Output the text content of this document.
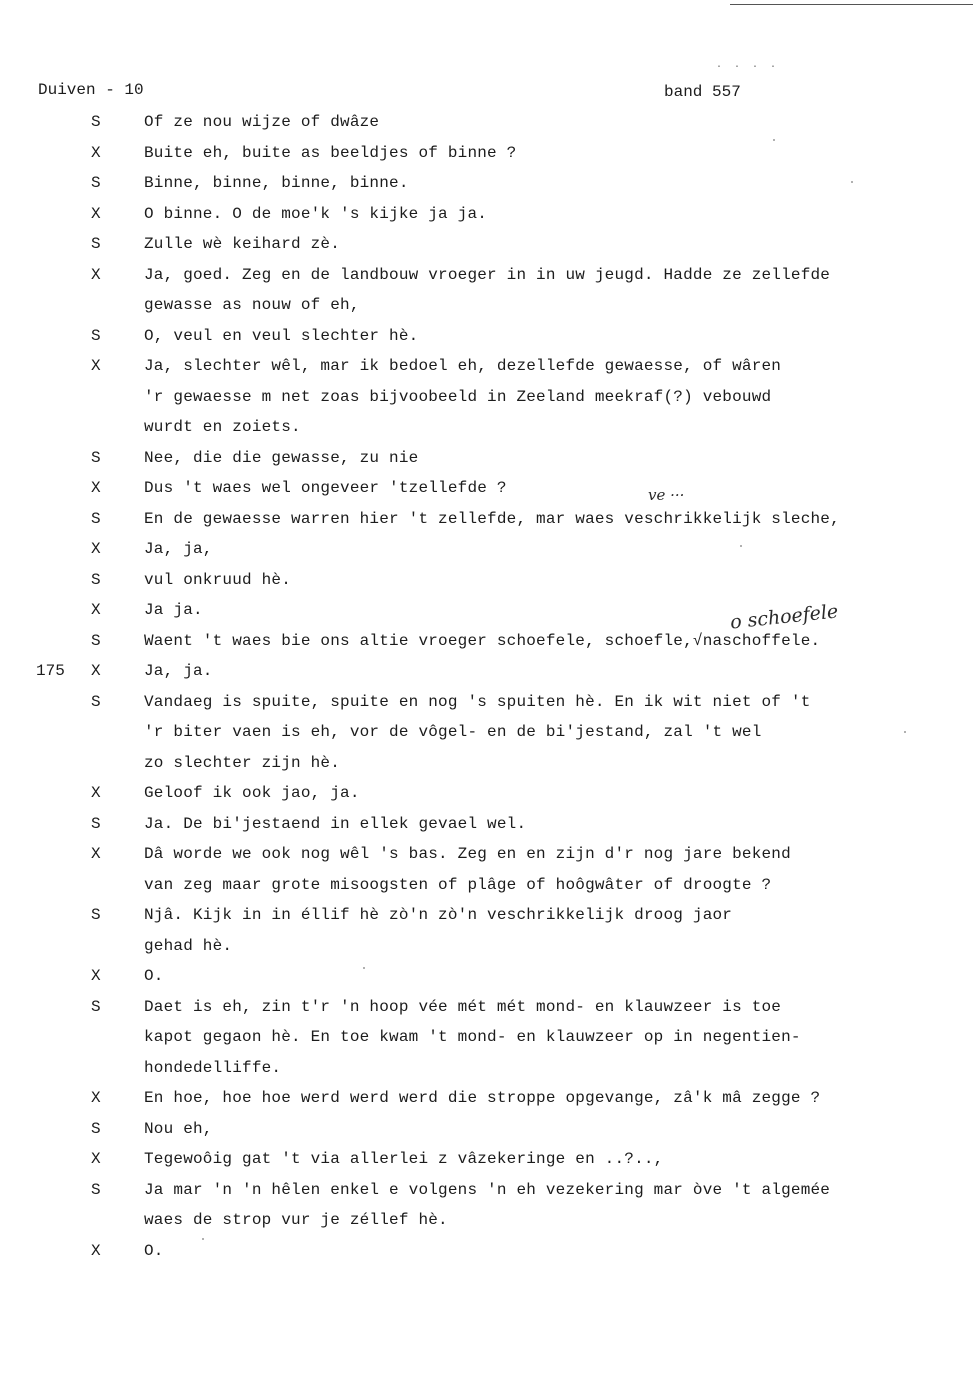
Duiven - 10
. . . .
band 557
ve ···
o schoefele
S	Of ze nou wijze of dwâze
X	Buite eh, buite as beeldjes of binne ?
S	Binne, binne, binne, binne.
X	O binne. O de moe'k 's kijke ja ja.
S	Zulle wè keihard zè.
X	Ja, goed. Zeg en de landbouw vroeger in in uw jeugd. Hadde ze zellefde
gewasse as nouw of eh,
S	O, veul en veul slechter hè.
X	Ja, slechter wêl, mar ik bedoel eh, dezellefde gewaesse, of wâren
'r gewaesse m net zoas bijvoobeeld in Zeeland meekraf(?) vebouwd
wurdt en zoiets.
S	Nee, die die gewasse, zu nie
X	Dus 't waes wel ongeveer 'tzellefde ?
S	En de gewaesse warren hier 't zellefde, mar waes veschrikkelijk sleche,
X	Ja, ja,
S	vul onkruud hè.
X	Ja ja.
S	Waent 't waes bie ons altie vroeger schoefele, schoefle,√naschoffele.
175 X	Ja, ja.
S	Vandaeg is spuite, spuite en nog 's spuiten hè. En ik wit niet of 't
'r biter vaen is eh, vor de vôgel- en de bi'jestand, zal 't wel
zo slechter zijn hè.
X	Geloof ik ook jao, ja.
S	Ja. De bi'jestaend in ellek gevael wel.
X	Dâ worde we ook nog wêl 's bas. Zeg en en zijn d'r nog jare bekend
van zeg maar grote misoogsten of plâge of hoôgwâter of droogte ?
S	Njâ. Kijk in in éllif hè zò'n zò'n veschrikkelijk droog jaor
gehad hè.
X	O.
S	Daet is eh, zin t'r 'n hoop vée mét mét mond- en klauwzeer is toe
kapot gegaon hè. En toe kwam 't mond- en klauwzeer op in negentien-
hondedelliffe.
X	En hoe, hoe hoe werd werd werd die stroppe opgevange, zâ'k mâ zegge ?
S	Nou eh,
X	Tegewoôig gat 't via allerlei z vâzekeringe en ..?..,
S	Ja mar 'n 'n hêlen enkel e volgens 'n eh vezekering mar òve 't algemée
waes de strop vur je zéllef hè.
X	O.
